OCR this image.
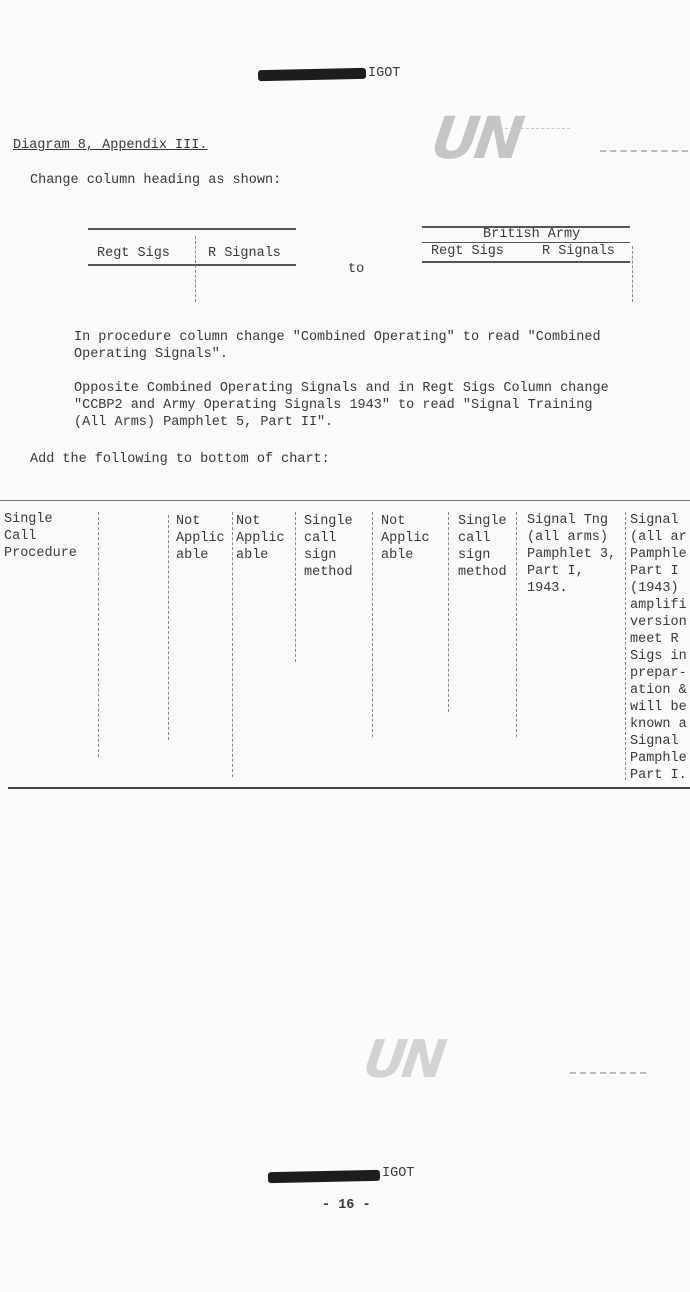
IGOT
UN
Diagram 8, Appendix III.
Change column heading as shown:
Regt Sigs	R Signals
to
British Army
Regt Sigs	R Signals
In procedure column change "Combined Operating" to read "Combined
Operating Signals".
Opposite Combined Operating Signals and in Regt Sigs Column change
"CCBP2 and Army Operating Signals 1943" to read "Signal Training
(All Arms) Pamphlet 5, Part II".
Add the following to bottom of chart:
Single
Call
Procedure
Not
Applic
able
Not
Applic
able
Single
call
sign
method
Not
Applic
able
Single
call
sign
method
Signal Tng
(all arms)
Pamphlet 3,
Part I,
1943.
Signal
(all ar
Pamphle
Part I
(1943)
amplifi
version
meet R
Sigs in
prepar-
ation &
will be
known a
Signal
Pamphle
Part I.
UN
IGOT
- 16 -
